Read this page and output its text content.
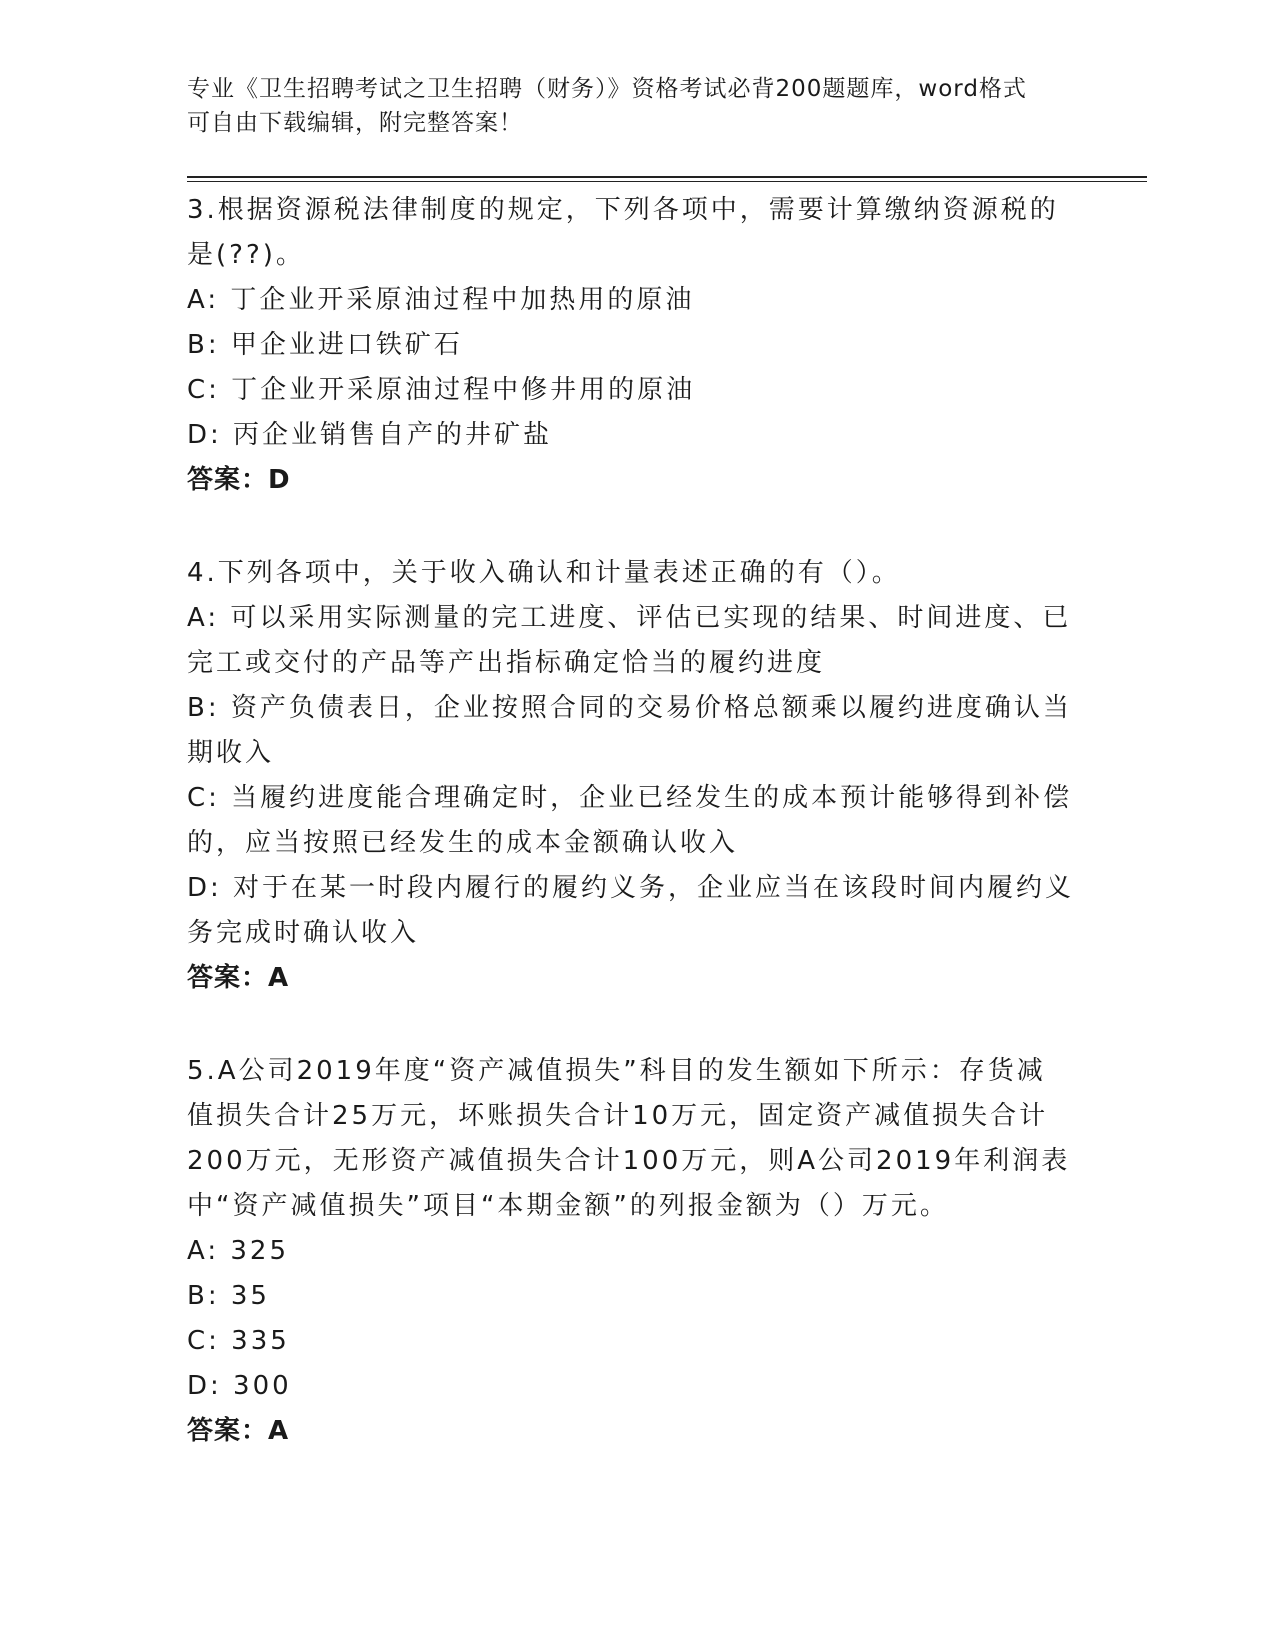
专业《卫生招聘考试之卫生招聘（财务）》资格考试必背200题题库，word格式
可自由下载编辑，附完整答案！

3.根据资源税法律制度的规定，下列各项中，需要计算缴纳资源税的

是(??)。

A: 丁企业开采原油过程中加热用的原油

B: 甲企业进口铁矿石

C: 丁企业开采原油过程中修井用的原油

D: 丙企业销售自产的井矿盐

答案：D

4.下列各项中，关于收入确认和计量表述正确的有（）。

A: 可以采用实际测量的完工进度、评估已实现的结果、时间进度、已

完工或交付的产品等产出指标确定恰当的履约进度

B: 资产负债表日，企业按照合同的交易价格总额乘以履约进度确认当

期收入

C: 当履约进度能合理确定时，企业已经发生的成本预计能够得到补偿

的，应当按照已经发生的成本金额确认收入

D: 对于在某一时段内履行的履约义务，企业应当在该段时间内履约义

务完成时确认收入

答案：A

5.A公司2019年度“资产减值损失”科目的发生额如下所示：存货减

值损失合计25万元，坏账损失合计10万元，固定资产减值损失合计

200万元，无形资产减值损失合计100万元，则A公司2019年利润表

中“资产减值损失”项目“本期金额”的列报金额为（）万元。

A: 325

B: 35

C: 335

D: 300

答案：A
